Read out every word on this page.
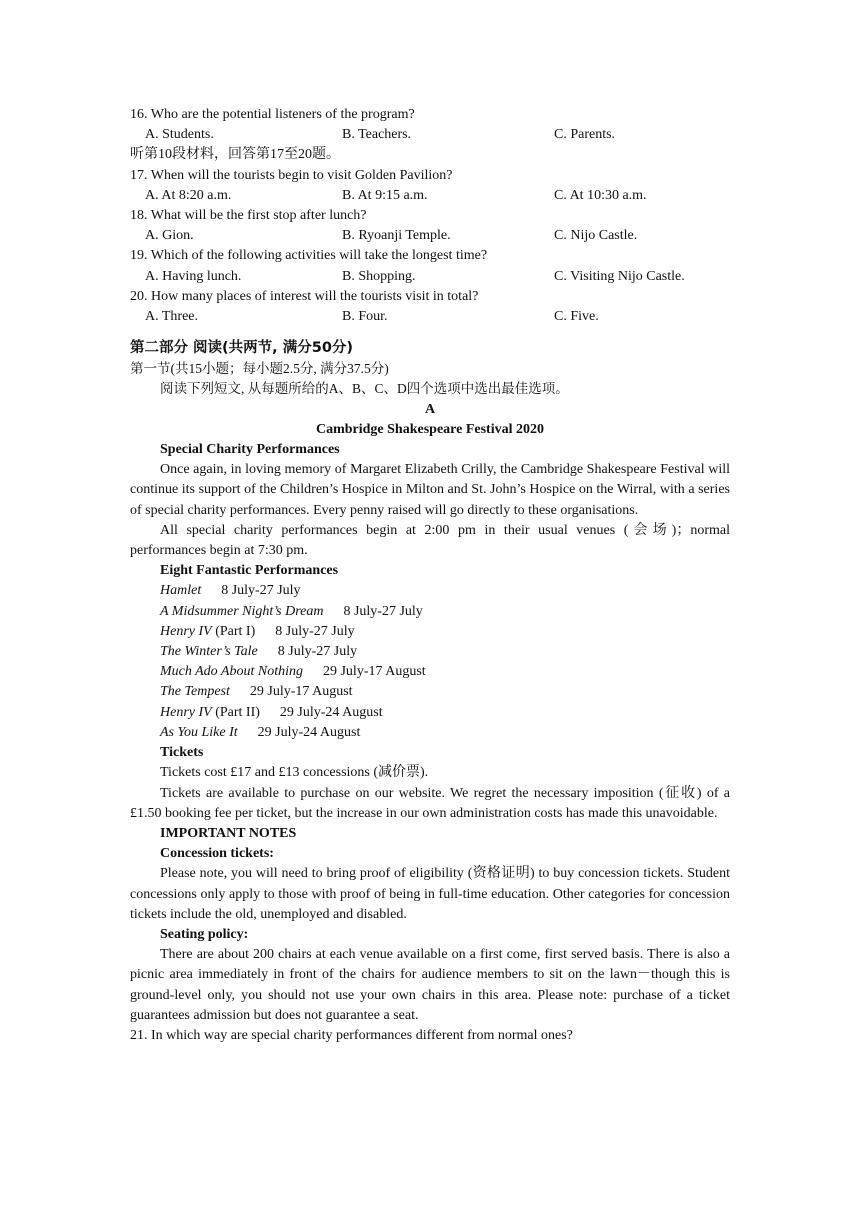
16. Who are the potential listeners of the program?
A. Students.	B. Teachers.	C. Parents.
听第10段材料，回答第17至20题。
17. When will the tourists begin to visit Golden Pavilion?
A. At 8:20 a.m.	B. At 9:15 a.m.	C. At 10:30 a.m.
18. What will be the first stop after lunch?
A. Gion.	B. Ryoanji Temple.	C. Nijo Castle.
19. Which of the following activities will take the longest time?
A. Having lunch.	B. Shopping.	C. Visiting Nijo Castle.
20. How many places of interest will the tourists visit in total?
A. Three.	B. Four.	C. Five.
第二部分 阅读(共两节, 满分50分)
第一节(共15小题；每小题2.5分, 满分37.5分)
阅读下列短文, 从每题所给的A、B、C、D四个选项中选出最佳选项。
A
Cambridge Shakespeare Festival 2020
Special Charity Performances
Once again, in loving memory of Margaret Elizabeth Crilly, the Cambridge Shakespeare Festival will continue its support of the Children’s Hospice in Milton and St. John’s Hospice on the Wirral, with a series of special charity performances. Every penny raised will go directly to these organisations.
All special charity performances begin at 2:00 pm in their usual venues (会场)；normal performances begin at 7:30 pm.
Eight Fantastic Performances
Hamlet 8 July-27 July
A Midsummer Night’s Dream 8 July-27 July
Henry IV (Part I) 8 July-27 July
The Winter’s Tale 8 July-27 July
Much Ado About Nothing 29 July-17 August
The Tempest 29 July-17 August
Henry IV (Part II) 29 July-24 August
As You Like It 29 July-24 August
Tickets
Tickets cost £17 and £13 concessions (减价票).
Tickets are available to purchase on our website. We regret the necessary imposition (征收) of a £1.50 booking fee per ticket, but the increase in our own administration costs has made this unavoidable.
IMPORTANT NOTES
Concession tickets:
Please note, you will need to bring proof of eligibility (资格证明) to buy concession tickets. Student concessions only apply to those with proof of being in full-time education. Other categories for concession tickets include the old, unemployed and disabled.
Seating policy:
There are about 200 chairs at each venue available on a first come, first served basis. There is also a picnic area immediately in front of the chairs for audience members to sit on the lawn－though this is ground-level only, you should not use your own chairs in this area. Please note: purchase of a ticket guarantees admission but does not guarantee a seat.
21. In which way are special charity performances different from normal ones?
